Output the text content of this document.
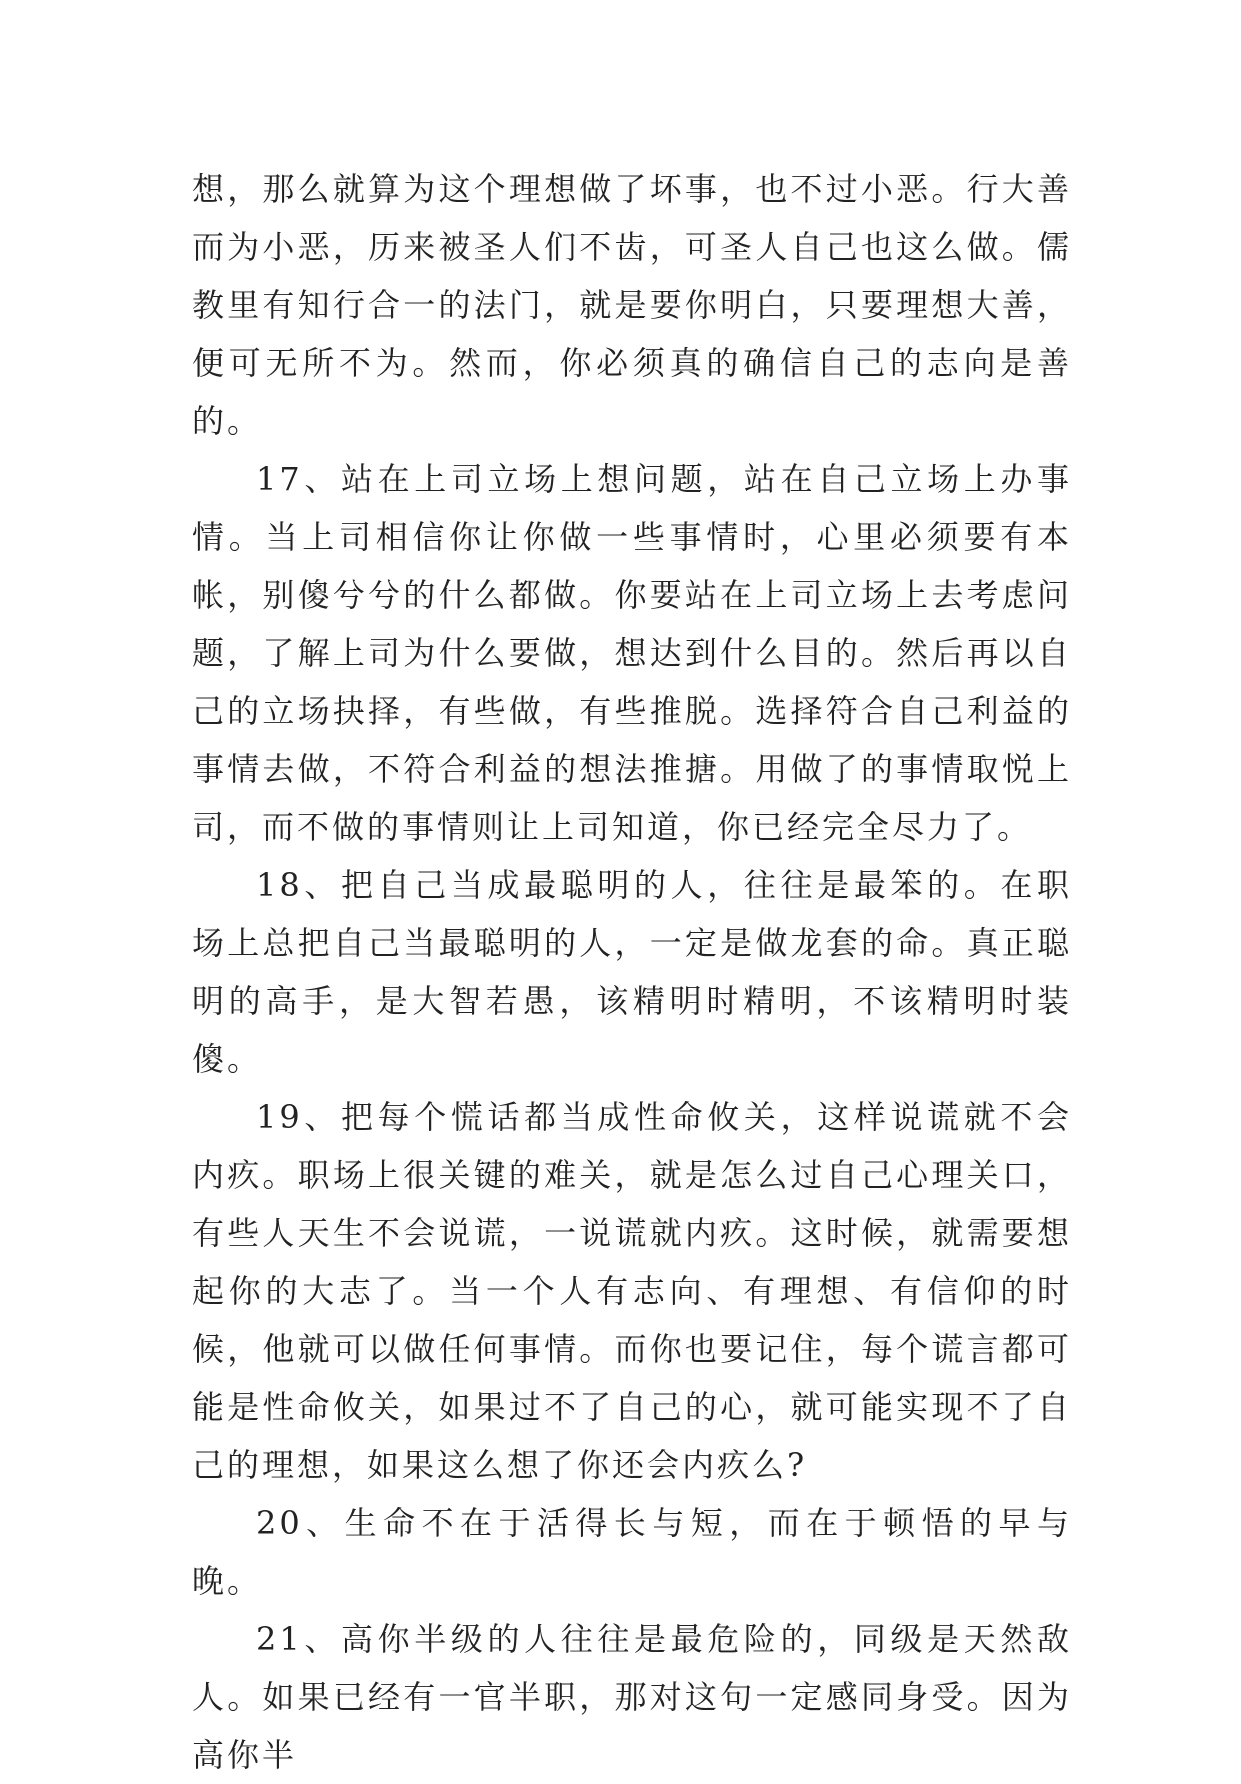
想，那么就算为这个理想做了坏事，也不过小恶。行大善而为小恶，历来被圣人们不齿，可圣人自己也这么做。儒教里有知行合一的法门，就是要你明白，只要理想大善，便可无所不为。然而，你必须真的确信自己的志向是善的。

17、站在上司立场上想问题，站在自己立场上办事情。当上司相信你让你做一些事情时，心里必须要有本帐，别傻兮兮的什么都做。你要站在上司立场上去考虑问题，了解上司为什么要做，想达到什么目的。然后再以自己的立场抉择，有些做，有些推脱。选择符合自己利益的事情去做，不符合利益的想法推搪。用做了的事情取悦上司，而不做的事情则让上司知道，你已经完全尽力了。

18、把自己当成最聪明的人，往往是最笨的。在职场上总把自己当最聪明的人，一定是做龙套的命。真正聪明的高手，是大智若愚，该精明时精明，不该精明时装傻。

19、把每个慌话都当成性命攸关，这样说谎就不会内疚。职场上很关键的难关，就是怎么过自己心理关口，有些人天生不会说谎，一说谎就内疚。这时候，就需要想起你的大志了。当一个人有志向、有理想、有信仰的时候，他就可以做任何事情。而你也要记住，每个谎言都可能是性命攸关，如果过不了自己的心，就可能实现不了自己的理想，如果这么想了你还会内疚么?

20、生命不在于活得长与短，而在于顿悟的早与晚。

21、高你半级的人往往是最危险的，同级是天然敌人。如果已经有一官半职，那对这句一定感同身受。因为高你半
